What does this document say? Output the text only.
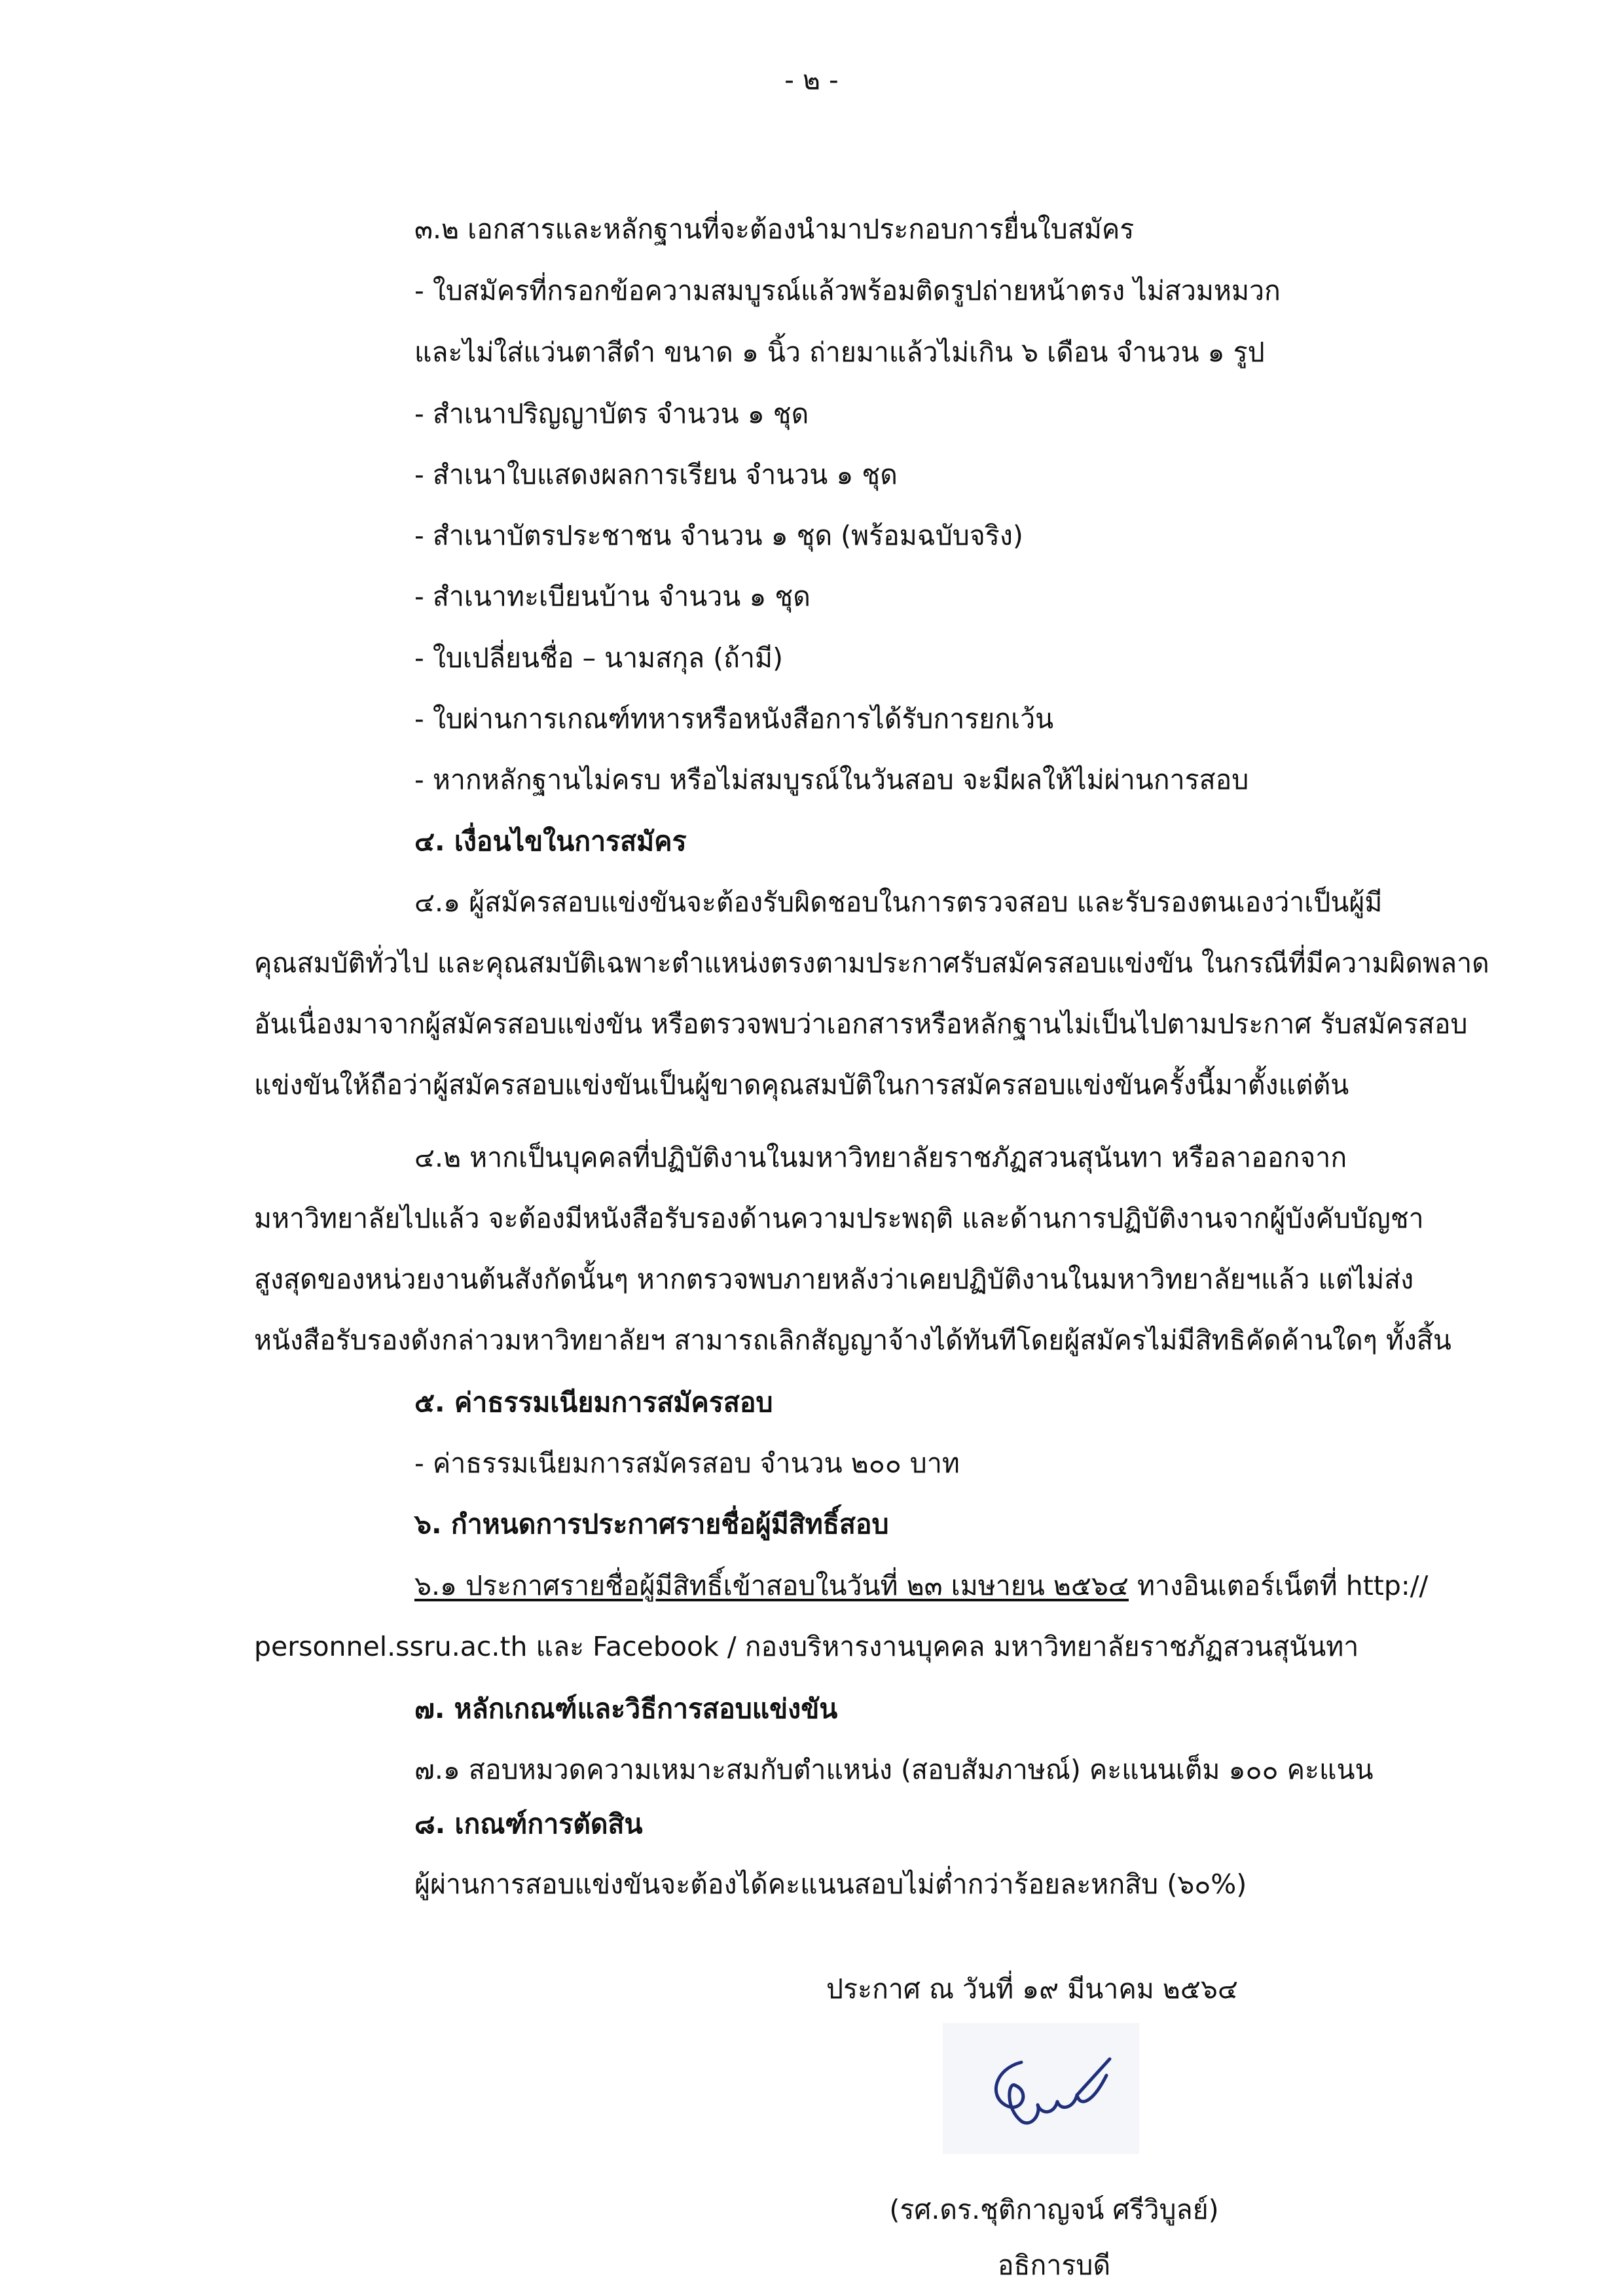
- ๒ -
๓.๒ เอกสารและหลักฐานที่จะต้องนำมาประกอบการยื่นใบสมัคร
- ใบสมัครที่กรอกข้อความสมบูรณ์แล้วพร้อมติดรูปถ่ายหน้าตรง ไม่สวมหมวก
และไม่ใส่แว่นตาสีดำ ขนาด ๑ นิ้ว ถ่ายมาแล้วไม่เกิน ๖ เดือน จำนวน ๑ รูป
- สำเนาปริญญาบัตร จำนวน ๑ ชุด
- สำเนาใบแสดงผลการเรียน จำนวน ๑ ชุด
- สำเนาบัตรประชาชน จำนวน ๑ ชุด (พร้อมฉบับจริง)
- สำเนาทะเบียนบ้าน จำนวน ๑ ชุด
- ใบเปลี่ยนชื่อ – นามสกุล (ถ้ามี)
- ใบผ่านการเกณฑ์ทหารหรือหนังสือการได้รับการยกเว้น
- หากหลักฐานไม่ครบ หรือไม่สมบูรณ์ในวันสอบ จะมีผลให้ไม่ผ่านการสอบ
๔. เงื่อนไขในการสมัคร
๔.๑ ผู้สมัครสอบแข่งขันจะต้องรับผิดชอบในการตรวจสอบ และรับรองตนเองว่าเป็นผู้มี
คุณสมบัติทั่วไป และคุณสมบัติเฉพาะตำแหน่งตรงตามประกาศรับสมัครสอบแข่งขัน ในกรณีที่มีความผิดพลาด
อันเนื่องมาจากผู้สมัครสอบแข่งขัน หรือตรวจพบว่าเอกสารหรือหลักฐานไม่เป็นไปตามประกาศ รับสมัครสอบ
แข่งขันให้ถือว่าผู้สมัครสอบแข่งขันเป็นผู้ขาดคุณสมบัติในการสมัครสอบแข่งขันครั้งนี้มาตั้งแต่ต้น
๔.๒ หากเป็นบุคคลที่ปฏิบัติงานในมหาวิทยาลัยราชภัฏสวนสุนันทา หรือลาออกจาก
มหาวิทยาลัยไปแล้ว จะต้องมีหนังสือรับรองด้านความประพฤติ และด้านการปฏิบัติงานจากผู้บังคับบัญชา
สูงสุดของหน่วยงานต้นสังกัดนั้นๆ หากตรวจพบภายหลังว่าเคยปฏิบัติงานในมหาวิทยาลัยฯแล้ว แต่ไม่ส่ง
หนังสือรับรองดังกล่าวมหาวิทยาลัยฯ สามารถเลิกสัญญาจ้างได้ทันทีโดยผู้สมัครไม่มีสิทธิคัดค้านใดๆ ทั้งสิ้น
๕. ค่าธรรมเนียมการสมัครสอบ
- ค่าธรรมเนียมการสมัครสอบ จำนวน ๒๐๐ บาท
๖. กำหนดการประกาศรายชื่อผู้มีสิทธิ์สอบ
๖.๑ ประกาศรายชื่อผู้มีสิทธิ์เข้าสอบในวันที่ ๒๓ เมษายน ๒๕๖๔ ทางอินเตอร์เน็ตที่ http://
personnel.ssru.ac.th และ Facebook / กองบริหารงานบุคคล มหาวิทยาลัยราชภัฏสวนสุนันทา
๗. หลักเกณฑ์และวิธีการสอบแข่งขัน
๗.๑ สอบหมวดความเหมาะสมกับตำแหน่ง (สอบสัมภาษณ์) คะแนนเต็ม ๑๐๐ คะแนน
๘. เกณฑ์การตัดสิน
ผู้ผ่านการสอบแข่งขันจะต้องได้คะแนนสอบไม่ต่ำกว่าร้อยละหกสิบ (๖๐%)
ประกาศ ณ วันที่ ๑๙ มีนาคม ๒๕๖๔
(รศ.ดร.ชุติกาญจน์ ศรีวิบูลย์)
อธิการบดี
